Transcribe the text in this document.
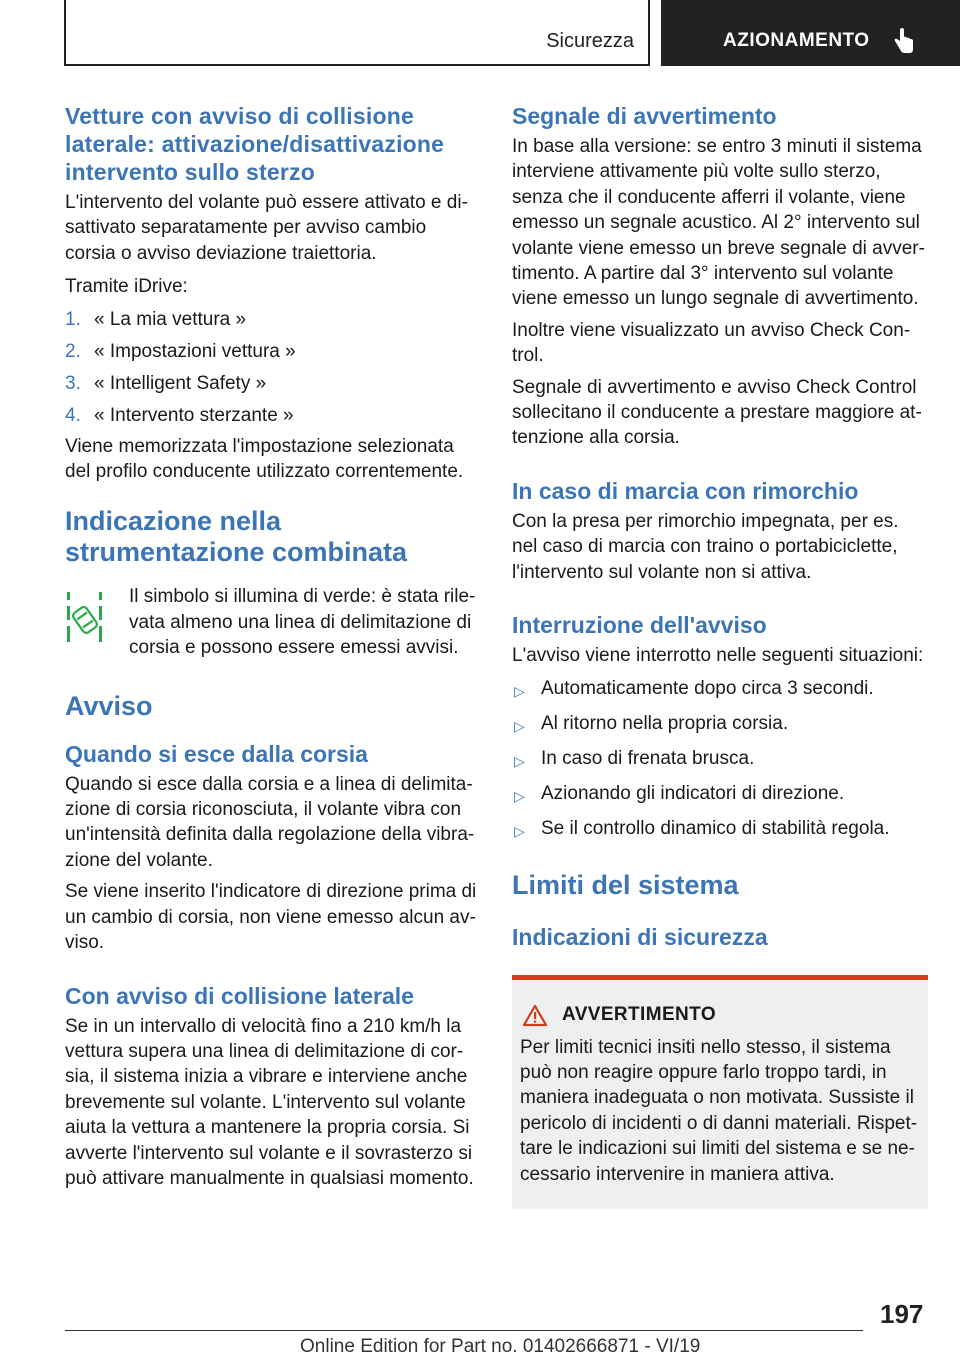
Sicurezza	AZIONAMENTO
Vetture con avviso di collisione laterale: attivazione/disattivazione intervento sullo sterzo

L'intervento del volante può essere attivato e disattivato separatamente per avviso cambio corsia o avviso deviazione traiettoria.

Tramite iDrive:

1. « La mia vettura »
2. « Impostazioni vettura »
3. « Intelligent Safety »
4. « Intervento sterzante »

Viene memorizzata l'impostazione selezionata del profilo conducente utilizzato correntemente.

Indicazione nella strumentazione combinata

Il simbolo si illumina di verde: è stata rilevata almeno una linea di delimitazione di corsia e possono essere emessi avvisi.

Avviso
Quando si esce dalla corsia

Quando si esce dalla corsia e a linea di delimitazione di corsia riconosciuta, il volante vibra con un'intensità definita dalla regolazione della vibrazione del volante.

Se viene inserito l'indicatore di direzione prima di un cambio di corsia, non viene emesso alcun avviso.

Con avviso di collisione laterale

Se in un intervallo di velocità fino a 210 km/h la vettura supera una linea di delimitazione di corsia, il sistema inizia a vibrare e interviene anche brevemente sul volante. L'intervento sul volante aiuta la vettura a mantenere la propria corsia. Si avverte l'intervento sul volante e il sovrasterzo si può attivare manualmente in qualsiasi momento.

Segnale di avvertimento

In base alla versione: se entro 3 minuti il sistema interviene attivamente più volte sullo sterzo, senza che il conducente afferri il volante, viene emesso un segnale acustico. Al 2° intervento sul volante viene emesso un breve segnale di avvertimento. A partire dal 3° intervento sul volante viene emesso un lungo segnale di avvertimento.

Inoltre viene visualizzato un avviso Check Control.

Segnale di avvertimento e avviso Check Control sollecitano il conducente a prestare maggiore attenzione alla corsia.

In caso di marcia con rimorchio

Con la presa per rimorchio impegnata, per es. nel caso di marcia con traino o portabiciclette, l'intervento sul volante non si attiva.

Interruzione dell'avviso

L'avviso viene interrotto nelle seguenti situazioni:

▷ Automaticamente dopo circa 3 secondi.
▷ Al ritorno nella propria corsia.
▷ In caso di frenata brusca.
▷ Azionando gli indicatori di direzione.
▷ Se il controllo dinamico di stabilità regola.
Limiti del sistema
Indicazioni di sicurezza
AVVERTIMENTO

Per limiti tecnici insiti nello stesso, il sistema può non reagire oppure farlo troppo tardi, in maniera inadeguata o non motivata. Sussiste il pericolo di incidenti o di danni materiali. Rispettare le indicazioni sui limiti del sistema e se necessario intervenire in maniera attiva.

197
Online Edition for Part no. 01402666871 - VI/19
